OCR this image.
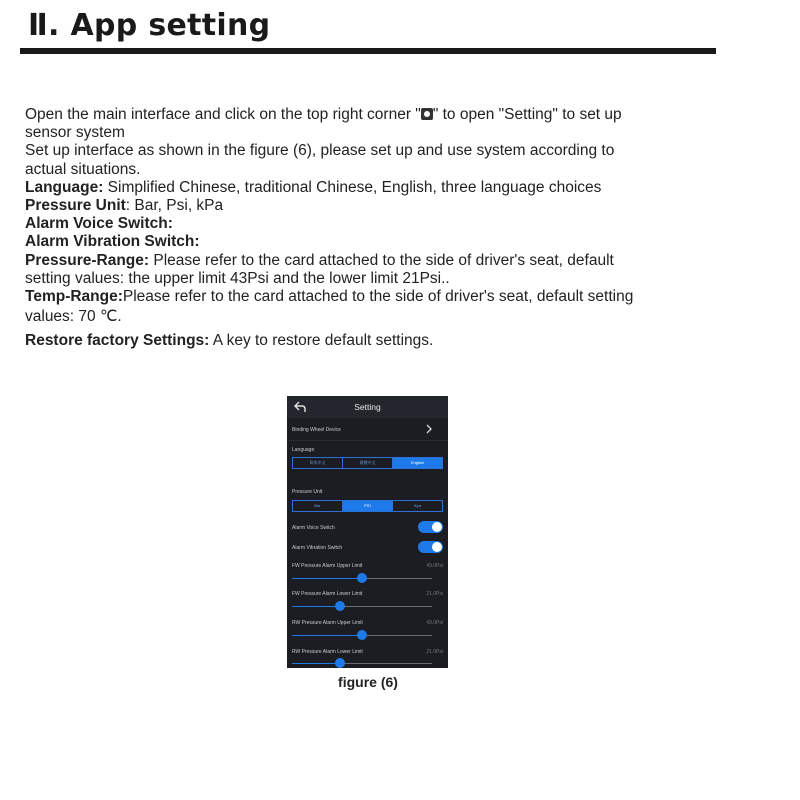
Ⅱ. App setting
Open the main interface and click on the top right corner " " to open "Setting" to set up
sensor system
Set up interface as shown in the figure (6), please set up and use system according to
actual situations.
Language: Simplified Chinese, traditional Chinese, English, three language choices
Pressure Unit: Bar, Psi, kPa
Alarm Voice Switch:
Alarm Vibration Switch:
Pressure-Range: Please refer to the card attached to the side of driver's seat, default
setting values: the upper limit 43Psi and the lower limit 21Psi..
Temp-Range:Please refer to the card attached to the side of driver's seat, default setting
values: 70 ℃.
Restore factory Settings: A key to restore default settings.
Setting
Binding Wheel Device
Language
简体中文	繁體中文	English
Pressure Unit
Bar	PSI	Kpa
Alarm Voice Switch
Alarm Vibration Switch
FW Pressure Alarm Upper Limit	43.0Psi
FW Pressure Alarm Lower Limit	21.0Psi
RW Pressure Alarm Upper Limit	43.0Psi
RW Pressure Alarm Lower Limit	21.0Psi
figure (6)
